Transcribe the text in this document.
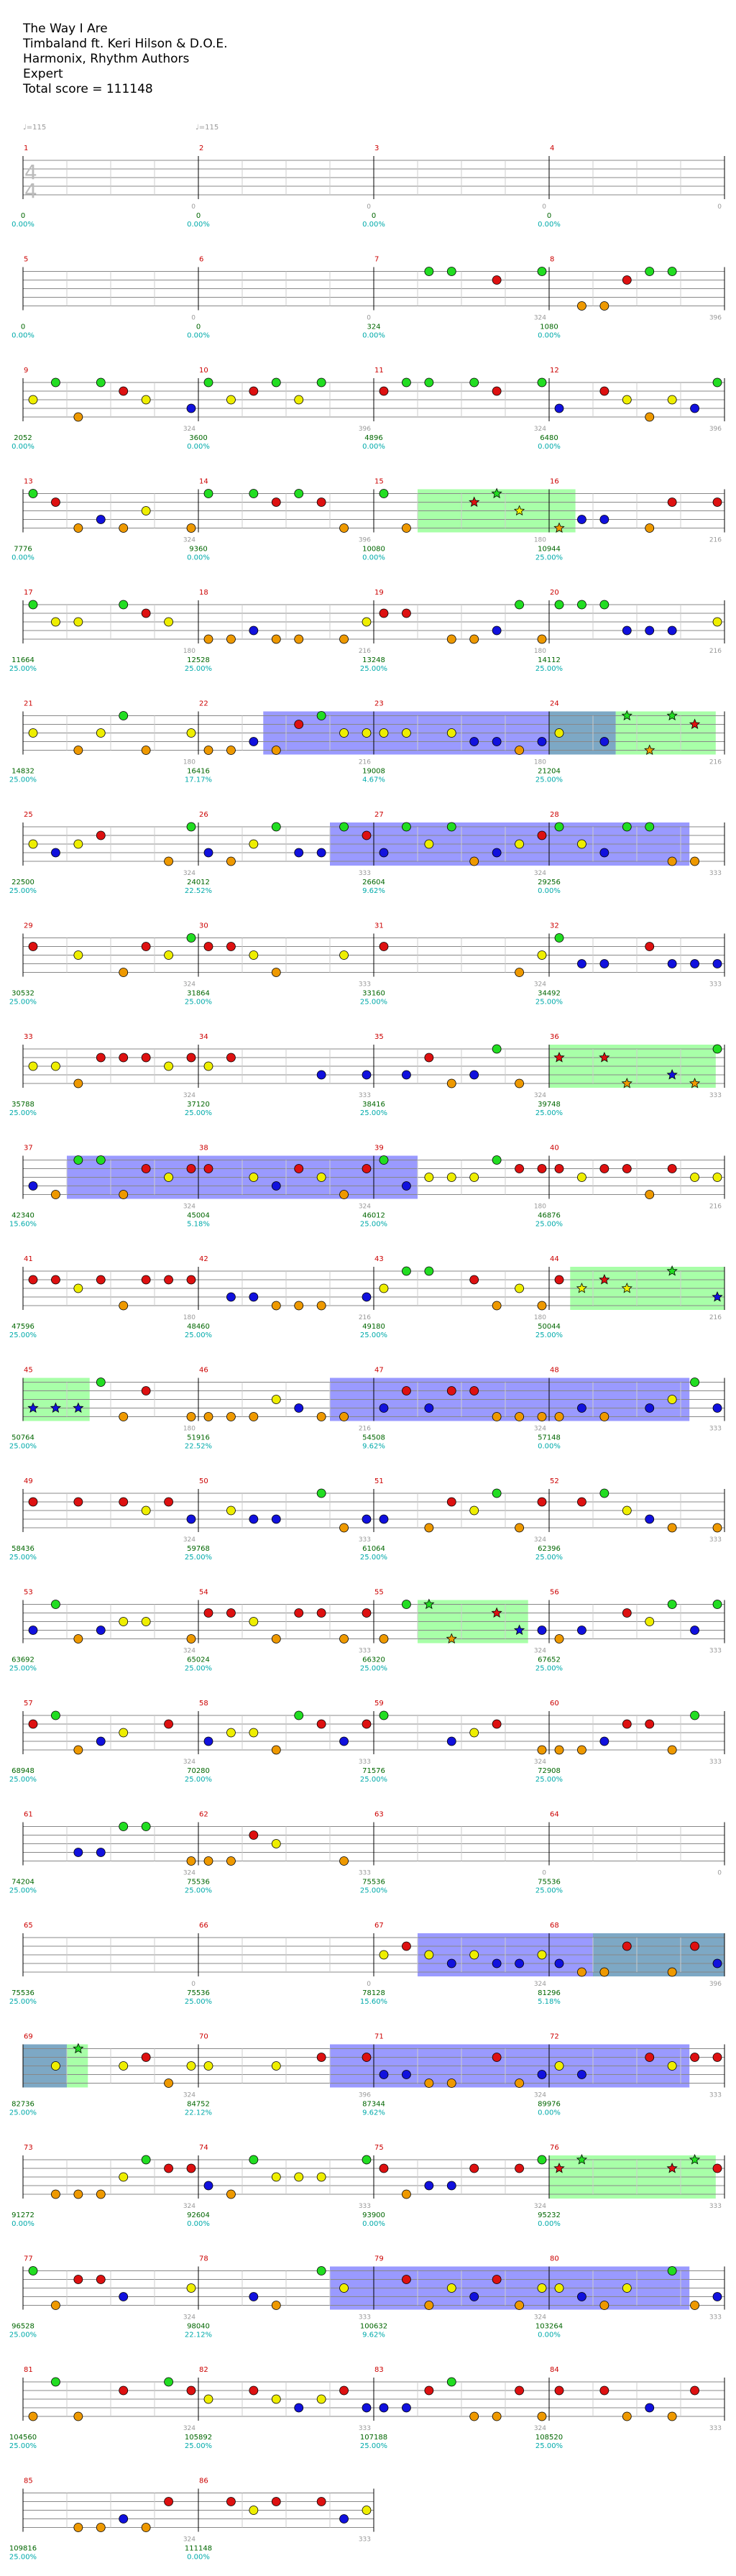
The Way I Are
Timbaland ft. Keri Hilson & D.O.E.
Harmonix, Rhythm Authors
Expert
Total score = 111148
♩=115	♩=115
1
0
0
0.00%
2
0
0
0.00%
3
0
0
0.00%
4
0
0
0.00%
4
4
5
0
0
0.00%
6
0
0
0.00%
7
324
324
0.00%
8
396
1080
0.00%
9
324
2052
0.00%
10
396
3600
0.00%
11
324
4896
0.00%
12
396
6480
0.00%
13
324
7776
0.00%
14
396
9360
0.00%
15
180
10080
0.00%
16
216
10944
25.00%
17
180
11664
25.00%
18
216
12528
25.00%
19
180
13248
25.00%
20
216
14112
25.00%
21
180
14832
25.00%
22
216
16416
17.17%
23
180
19008
4.67%
24
216
21204
25.00%
25
324
22500
25.00%
26
333
24012
22.52%
27
324
26604
9.62%
28
333
29256
0.00%
29
324
30532
25.00%
30
333
31864
25.00%
31
324
33160
25.00%
32
333
34492
25.00%
33
324
35788
25.00%
34
333
37120
25.00%
35
324
38416
25.00%
36
333
39748
25.00%
37
324
42340
15.60%
38
324
45004
5.18%
39
180
46012
25.00%
40
216
46876
25.00%
41
180
47596
25.00%
42
216
48460
25.00%
43
180
49180
25.00%
44
216
50044
25.00%
45
180
50764
25.00%
46
216
51916
22.52%
47
324
54508
9.62%
48
333
57148
0.00%
49
324
58436
25.00%
50
333
59768
25.00%
51
324
61064
25.00%
52
333
62396
25.00%
53
324
63692
25.00%
54
333
65024
25.00%
55
324
66320
25.00%
56
333
67652
25.00%
57
324
68948
25.00%
58
333
70280
25.00%
59
324
71576
25.00%
60
333
72908
25.00%
61
324
74204
25.00%
62
333
75536
25.00%
63
0
75536
25.00%
64
0
75536
25.00%
65
0
75536
25.00%
66
0
75536
25.00%
67
324
78128
15.60%
68
396
81296
5.18%
69
324
82736
25.00%
70
396
84752
22.12%
71
324
87344
9.62%
72
333
89976
0.00%
73
324
91272
0.00%
74
333
92604
0.00%
75
324
93900
0.00%
76
333
95232
0.00%
77
324
96528
25.00%
78
333
98040
22.12%
79
324
100632
9.62%
80
333
103264
0.00%
81
324
104560
25.00%
82
333
105892
25.00%
83
324
107188
25.00%
84
333
108520
25.00%
85
324
109816
25.00%
86
333
111148
0.00%
